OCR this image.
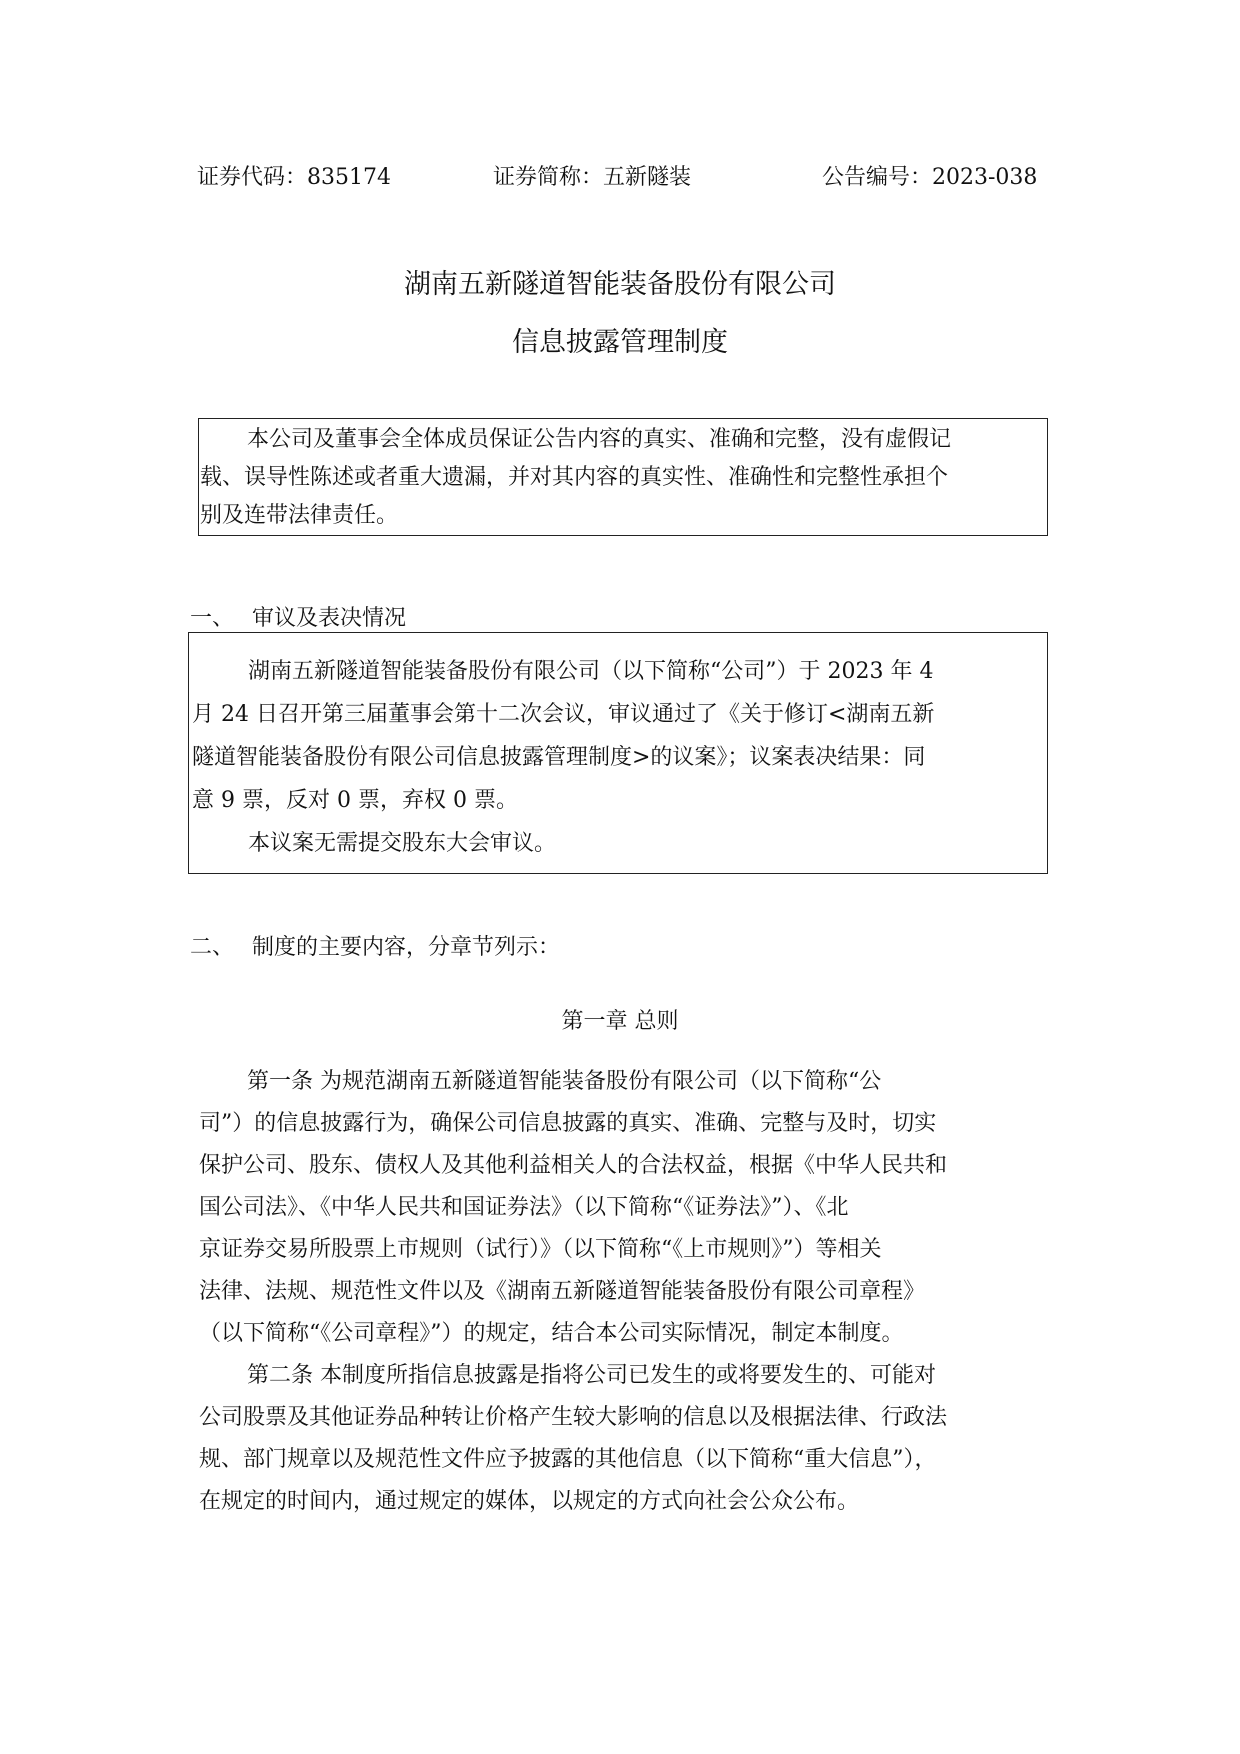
证券代码：835174	证券简称：五新隧装	公告编号：2023-038
湖南五新隧道智能装备股份有限公司
信息披露管理制度
本公司及董事会全体成员保证公告内容的真实、准确和完整，没有虚假记
载、误导性陈述或者重大遗漏，并对其内容的真实性、准确性和完整性承担个
别及连带法律责任。
一、 审议及表决情况
湖南五新隧道智能装备股份有限公司（以下简称“公司”）于 2023 年 4
月 24 日召开第三届董事会第十二次会议，审议通过了《关于修订<湖南五新
隧道智能装备股份有限公司信息披露管理制度>的议案》；议案表决结果：同
意 9 票，反对 0 票，弃权 0 票。
本议案无需提交股东大会审议。
二、 制度的主要内容，分章节列示：
第一章 总则
第一条 为规范湖南五新隧道智能装备股份有限公司（以下简称“公
司”）的信息披露行为，确保公司信息披露的真实、准确、完整与及时，切实
保护公司、股东、债权人及其他利益相关人的合法权益，根据《中华人民共和
国公司法》、《中华人民共和国证券法》（以下简称“《证券法》”）、《北
京证券交易所股票上市规则（试行）》（以下简称“《上市规则》”）等相关
法律、法规、规范性文件以及《湖南五新隧道智能装备股份有限公司章程》
（以下简称“《公司章程》”）的规定，结合本公司实际情况，制定本制度。
第二条 本制度所指信息披露是指将公司已发生的或将要发生的、可能对
公司股票及其他证券品种转让价格产生较大影响的信息以及根据法律、行政法
规、部门规章以及规范性文件应予披露的其他信息（以下简称“重大信息”），
在规定的时间内，通过规定的媒体，以规定的方式向社会公众公布。
